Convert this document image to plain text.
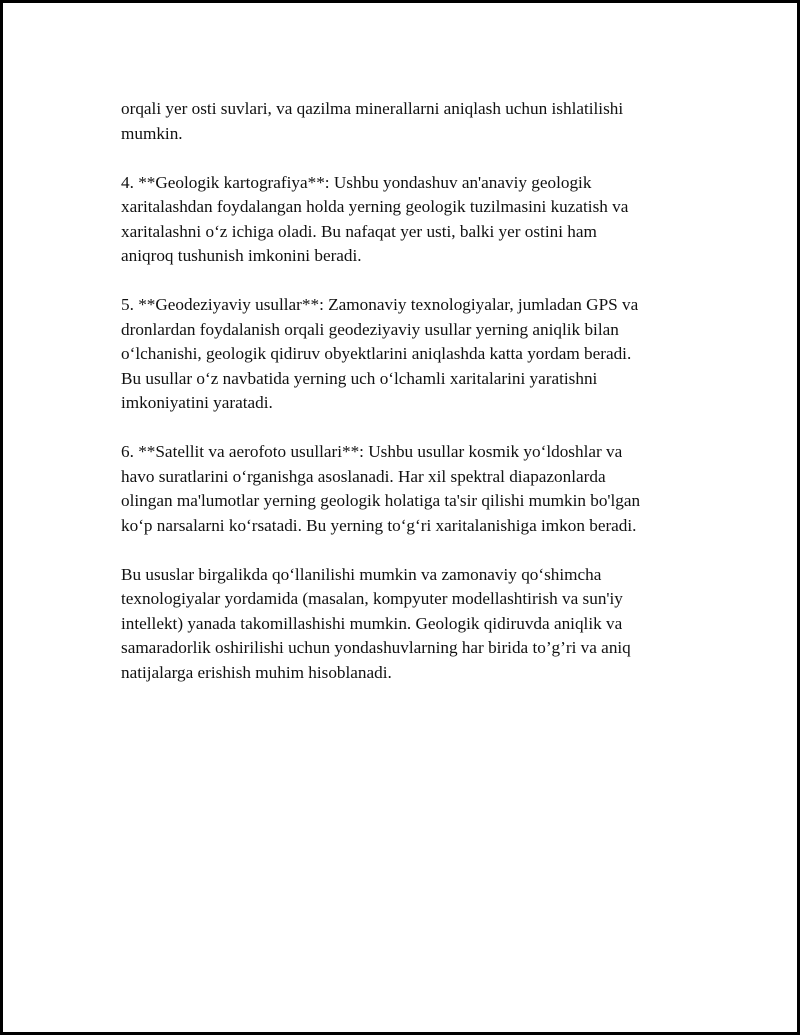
orqali yer osti suvlari, va qazilma minerallarni aniqlash uchun ishlatilishi
mumkin.

4. **Geologik kartografiya**: Ushbu yondashuv an'anaviy geologik
xaritalashdan foydalangan holda yerning geologik tuzilmasini kuzatish va
xaritalashni oʻz ichiga oladi. Bu nafaqat yer usti, balki yer ostini ham
aniqroq tushunish imkonini beradi.

5. **Geodeziyaviy usullar**: Zamonaviy texnologiyalar, jumladan GPS va
dronlardan foydalanish orqali geodeziyaviy usullar yerning aniqlik bilan
oʻlchanishi, geologik qidiruv obyektlarini aniqlashda katta yordam beradi.
Bu usullar oʻz navbatida yerning uch oʻlchamli xaritalarini yaratishni
imkoniyatini yaratadi.

6. **Satellit va aerofoto usullari**: Ushbu usullar kosmik yoʻldoshlar va
havo suratlarini oʻrganishga asoslanadi. Har xil spektral diapazonlarda
olingan ma'lumotlar yerning geologik holatiga ta'sir qilishi mumkin bo'lgan
koʻp narsalarni koʻrsatadi. Bu yerning toʻgʻri xaritalanishiga imkon beradi.

Bu ususlar birgalikda qoʻllanilishi mumkin va zamonaviy qoʻshimcha
texnologiyalar yordamida (masalan, kompyuter modellashtirish va sun'iy
intellekt) yanada takomillashishi mumkin. Geologik qidiruvda aniqlik va
samaradorlik oshirilishi uchun yondashuvlarning har birida to’g’ri va aniq
natijalarga erishish muhim hisoblanadi.
